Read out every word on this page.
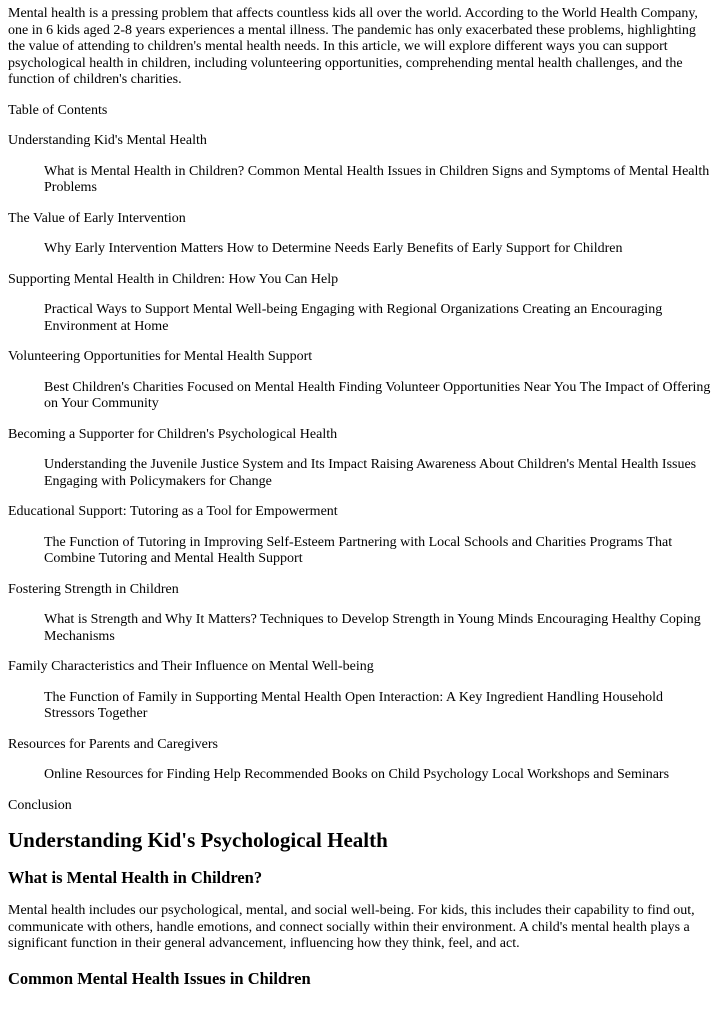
Mental health is a pressing problem that affects countless kids all over the world. According to the World Health Company, one in 6 kids aged 2-8 years experiences a mental illness. The pandemic has only exacerbated these problems, highlighting the value of attending to children's mental health needs. In this article, we will explore different ways you can support psychological health in children, including volunteering opportunities, comprehending mental health challenges, and the function of children's charities.

Table of Contents

Understanding Kid's Mental Health

What is Mental Health in Children? Common Mental Health Issues in Children Signs and Symptoms of Mental Health Problems

The Value of Early Intervention

Why Early Intervention Matters How to Determine Needs Early Benefits of Early Support for Children

Supporting Mental Health in Children: How You Can Help

Practical Ways to Support Mental Well-being Engaging with Regional Organizations Creating an Encouraging Environment at Home

Volunteering Opportunities for Mental Health Support

Best Children's Charities Focused on Mental Health Finding Volunteer Opportunities Near You The Impact of Offering on Your Community

Becoming a Supporter for Children's Psychological Health

Understanding the Juvenile Justice System and Its Impact Raising Awareness About Children's Mental Health Issues Engaging with Policymakers for Change

Educational Support: Tutoring as a Tool for Empowerment

The Function of Tutoring in Improving Self-Esteem Partnering with Local Schools and Charities Programs That Combine Tutoring and Mental Health Support

Fostering Strength in Children

What is Strength and Why It Matters? Techniques to Develop Strength in Young Minds Encouraging Healthy Coping Mechanisms

Family Characteristics and Their Influence on Mental Well-being

The Function of Family in Supporting Mental Health Open Interaction: A Key Ingredient Handling Household Stressors Together

Resources for Parents and Caregivers

Online Resources for Finding Help Recommended Books on Child Psychology Local Workshops and Seminars

Conclusion

Understanding Kid's Psychological Health
What is Mental Health in Children?

Mental health includes our psychological, mental, and social well-being. For kids, this includes their capability to find out, communicate with others, handle emotions, and connect socially within their environment. A child's mental health plays a significant function in their general advancement, influencing how they think, feel, and act.

Common Mental Health Issues in Children
